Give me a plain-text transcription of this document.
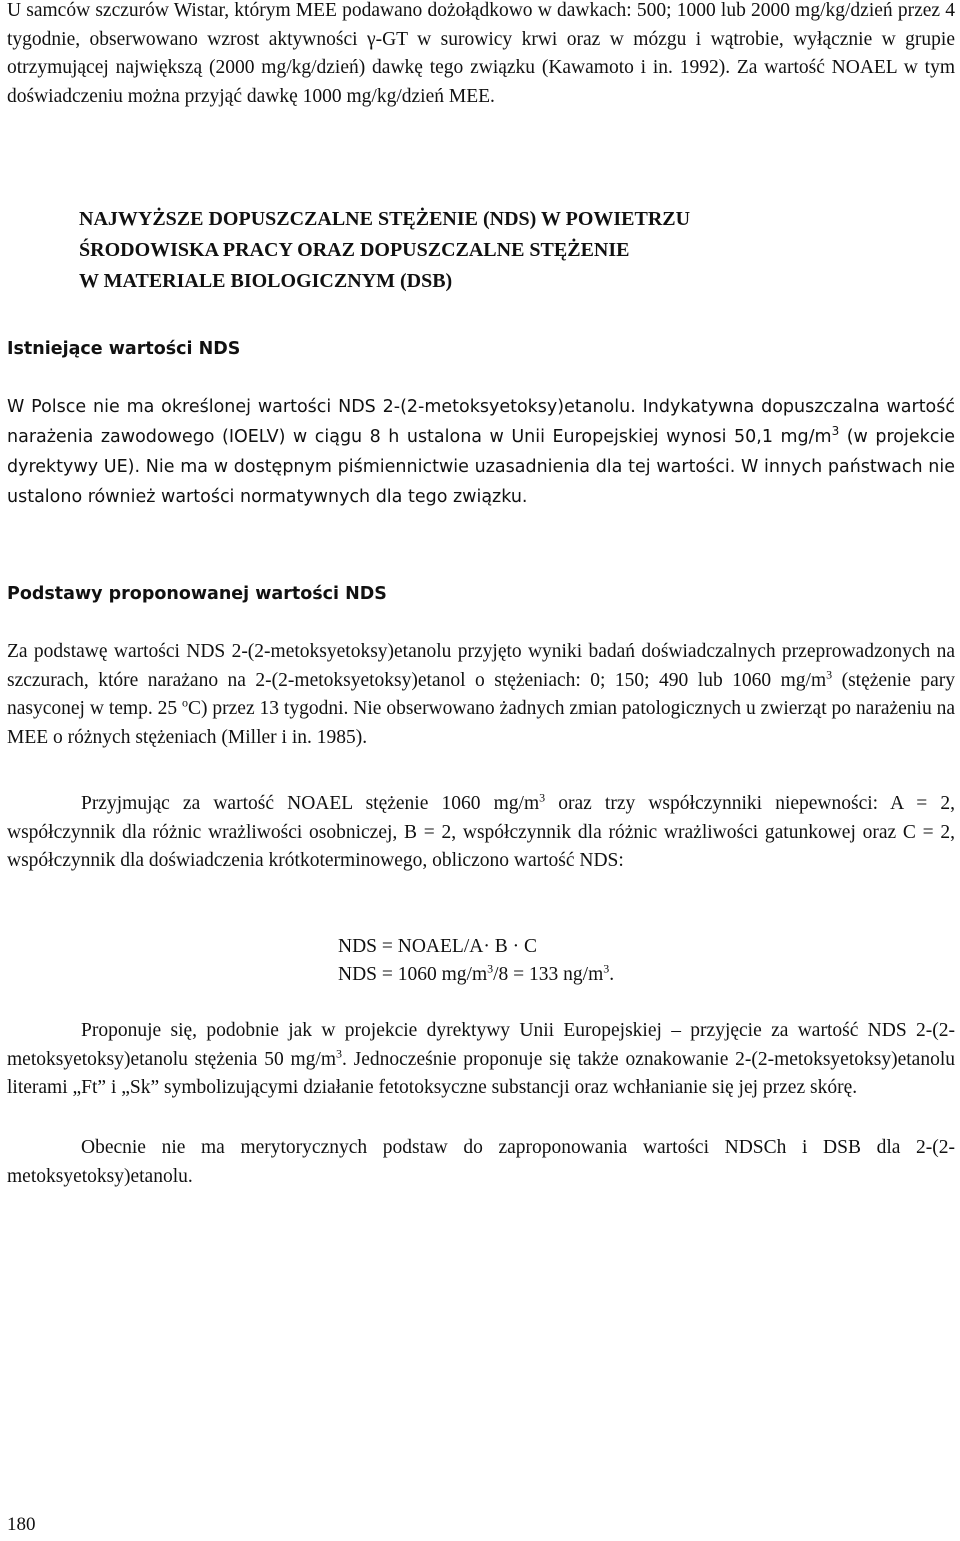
U samców szczurów Wistar, którym MEE podawano dożołądkowo w dawkach: 500; 1000 lub 2000 mg/kg/dzień przez 4 tygodnie, obserwowano wzrost aktywności γ-GT w surowicy krwi oraz w mózgu i wątrobie, wyłącznie w grupie otrzymującej największą (2000 mg/kg/dzień) dawkę tego związku (Kawamoto i in. 1992). Za wartość NOAEL w tym doświadczeniu można przyjąć dawkę 1000 mg/kg/dzień MEE.

NAJWYŻSZE DOPUSZCZALNE STĘŻENIE (NDS) W POWIETRZU
ŚRODOWISKA PRACY ORAZ DOPUSZCZALNE STĘŻENIE
W MATERIALE BIOLOGICZNYM (DSB)

Istniejące wartości NDS

W Polsce nie ma określonej wartości NDS 2-(2-metoksyetoksy)etanolu. Indykatywna dopuszczalna wartość narażenia zawodowego (IOELV) w ciągu 8 h ustalona w Unii Europejskiej wynosi 50,1 $mg/m^3$ (w projekcie dyrektywy UE). Nie ma w dostępnym piśmiennictwie uzasadnienia dla tej wartości. W innych państwach nie ustalono również wartości normatywnych dla tego związku.

Podstawy proponowanej wartości NDS

Za podstawę wartości NDS 2-(2-metoksyetoksy)etanolu przyjęto wyniki badań doświadczalnych przeprowadzonych na szczurach, które narażano na 2-(2-metoksyetoksy)etanol o stężeniach: 0; 150; 490 lub 1060 $mg/m^3$ (stężenie pary nasyconej w temp. 25 $^o$C) przez 13 tygodni. Nie obserwowano żadnych zmian patologicznych u zwierząt po narażeniu na MEE o różnych stężeniach (Miller i in. 1985).

Przyjmując za wartość NOAEL stężenie 1060 $mg/m^3$ oraz trzy współczynniki niepewności: A = 2, współczynnik dla różnic wrażliwości osobniczej, B = 2, współczynnik dla różnic wrażliwości gatunkowej oraz C = 2, współczynnik dla doświadczenia krótkoterminowego, obliczono wartość NDS:

NDS = NOAEL/A· B · C

NDS = 1060 $mg/m^3/8 = 133$ $ng/m^3$.

Proponuje się, podobnie jak w projekcie dyrektywy Unii Europejskiej – przyjęcie za wartość NDS 2-(2-metoksyetoksy)etanolu stężenia 50 $mg/m^3$. Jednocześnie proponuje się także oznakowanie 2-(2-metoksyetoksy)etanolu literami „Ft” i „Sk” symbolizującymi działanie fetotoksyczne substancji oraz wchłanianie się jej przez skórę.

Obecnie nie ma merytorycznych podstaw do zaproponowania wartości NDSCh i DSB dla 2-(2-metoksyetoksy)etanolu.

180
